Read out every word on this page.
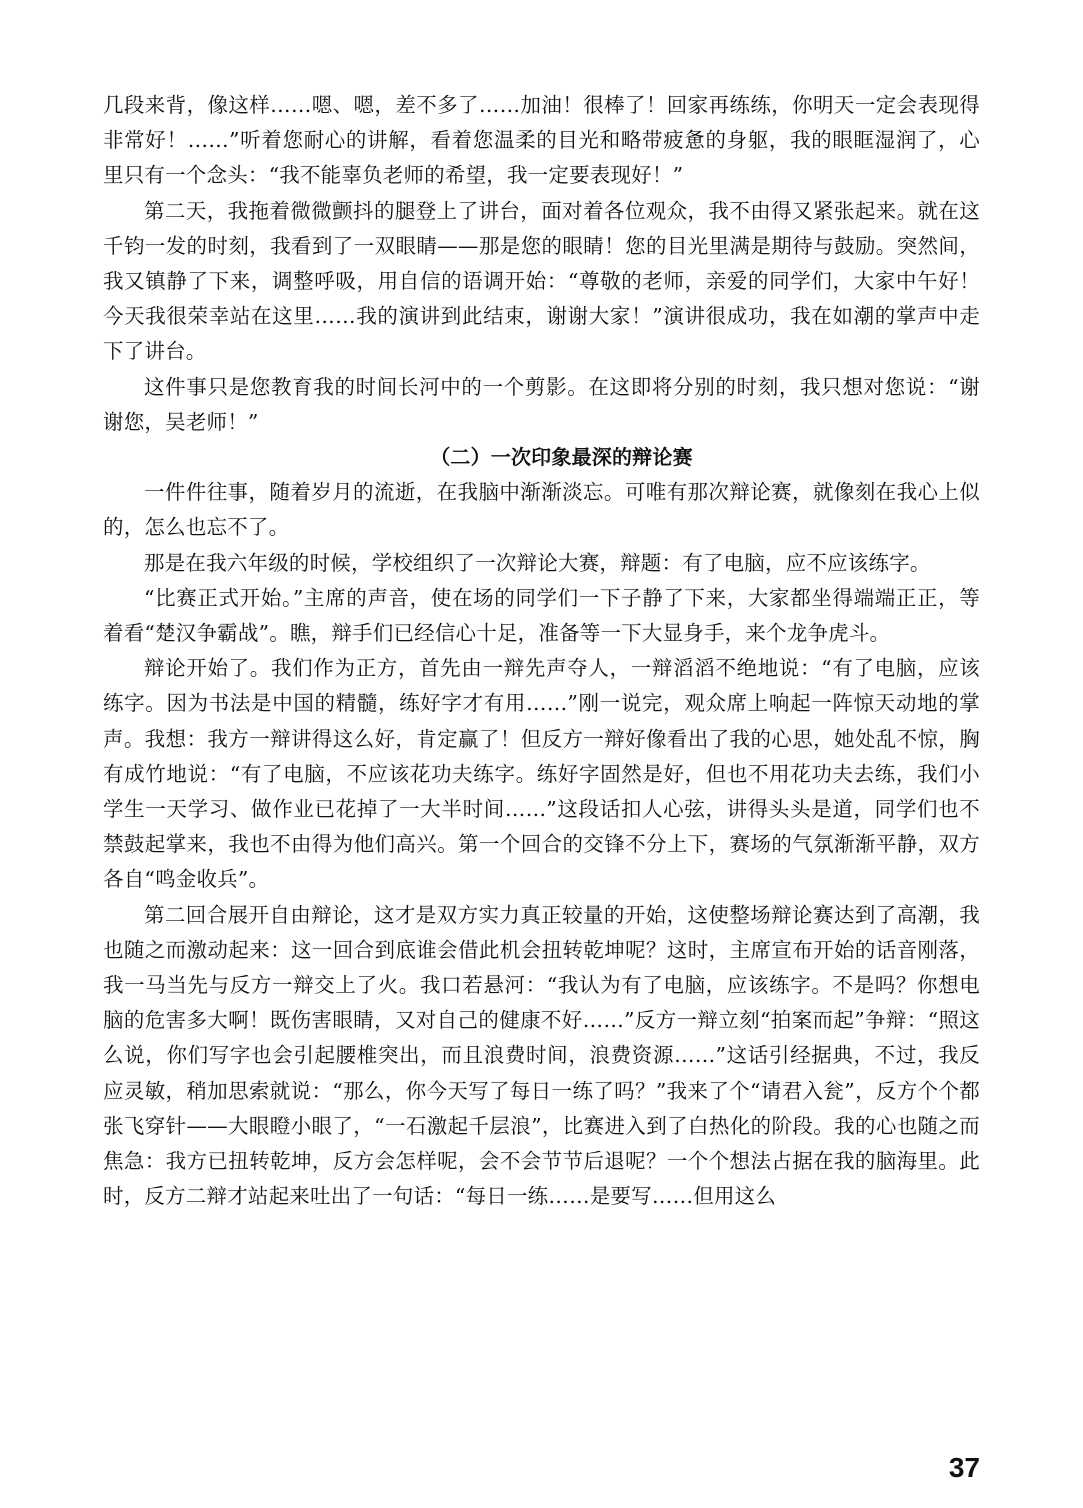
几段来背，像这样……嗯、嗯，差不多了……加油！很棒了！回家再练练，你明天一定会表现得非常好！……”听着您耐心的讲解，看着您温柔的目光和略带疲惫的身躯，我的眼眶湿润了，心里只有一个念头：“我不能辜负老师的希望，我一定要表现好！”

第二天，我拖着微微颤抖的腿登上了讲台，面对着各位观众，我不由得又紧张起来。就在这千钧一发的时刻，我看到了一双眼睛——那是您的眼睛！您的目光里满是期待与鼓励。突然间，我又镇静了下来，调整呼吸，用自信的语调开始：“尊敬的老师，亲爱的同学们，大家中午好！今天我很荣幸站在这里……我的演讲到此结束，谢谢大家！”演讲很成功，我在如潮的掌声中走下了讲台。

这件事只是您教育我的时间长河中的一个剪影。在这即将分别的时刻，我只想对您说：“谢谢您，吴老师！”

（二）一次印象最深的辩论赛

一件件往事，随着岁月的流逝，在我脑中渐渐淡忘。可唯有那次辩论赛，就像刻在我心上似的，怎么也忘不了。

那是在我六年级的时候，学校组织了一次辩论大赛，辩题：有了电脑，应不应该练字。

“比赛正式开始。”主席的声音，使在场的同学们一下子静了下来，大家都坐得端端正正，等着看“楚汉争霸战”。瞧，辩手们已经信心十足，准备等一下大显身手，来个龙争虎斗。

辩论开始了。我们作为正方，首先由一辩先声夺人，一辩滔滔不绝地说：“有了电脑，应该练字。因为书法是中国的精髓，练好字才有用……”刚一说完，观众席上响起一阵惊天动地的掌声。我想：我方一辩讲得这么好，肯定赢了！但反方一辩好像看出了我的心思，她处乱不惊，胸有成竹地说：“有了电脑，不应该花功夫练字。练好字固然是好，但也不用花功夫去练，我们小学生一天学习、做作业已花掉了一大半时间……”这段话扣人心弦，讲得头头是道，同学们也不禁鼓起掌来，我也不由得为他们高兴。第一个回合的交锋不分上下，赛场的气氛渐渐平静，双方各自“鸣金收兵”。

第二回合展开自由辩论，这才是双方实力真正较量的开始，这使整场辩论赛达到了高潮，我也随之而激动起来：这一回合到底谁会借此机会扭转乾坤呢？这时，主席宣布开始的话音刚落，我一马当先与反方一辩交上了火。我口若悬河：“我认为有了电脑，应该练字。不是吗？你想电脑的危害多大啊！既伤害眼睛，又对自己的健康不好……”反方一辩立刻“拍案而起”争辩：“照这么说，你们写字也会引起腰椎突出，而且浪费时间，浪费资源……”这话引经据典，不过，我反应灵敏，稍加思索就说：“那么，你今天写了每日一练了吗？”我来了个“请君入瓮”，反方个个都张飞穿针——大眼瞪小眼了，“一石激起千层浪”，比赛进入到了白热化的阶段。我的心也随之而焦急：我方已扭转乾坤，反方会怎样呢，会不会节节后退呢？一个个想法占据在我的脑海里。此时，反方二辩才站起来吐出了一句话：“每日一练……是要写……但用这么

37
